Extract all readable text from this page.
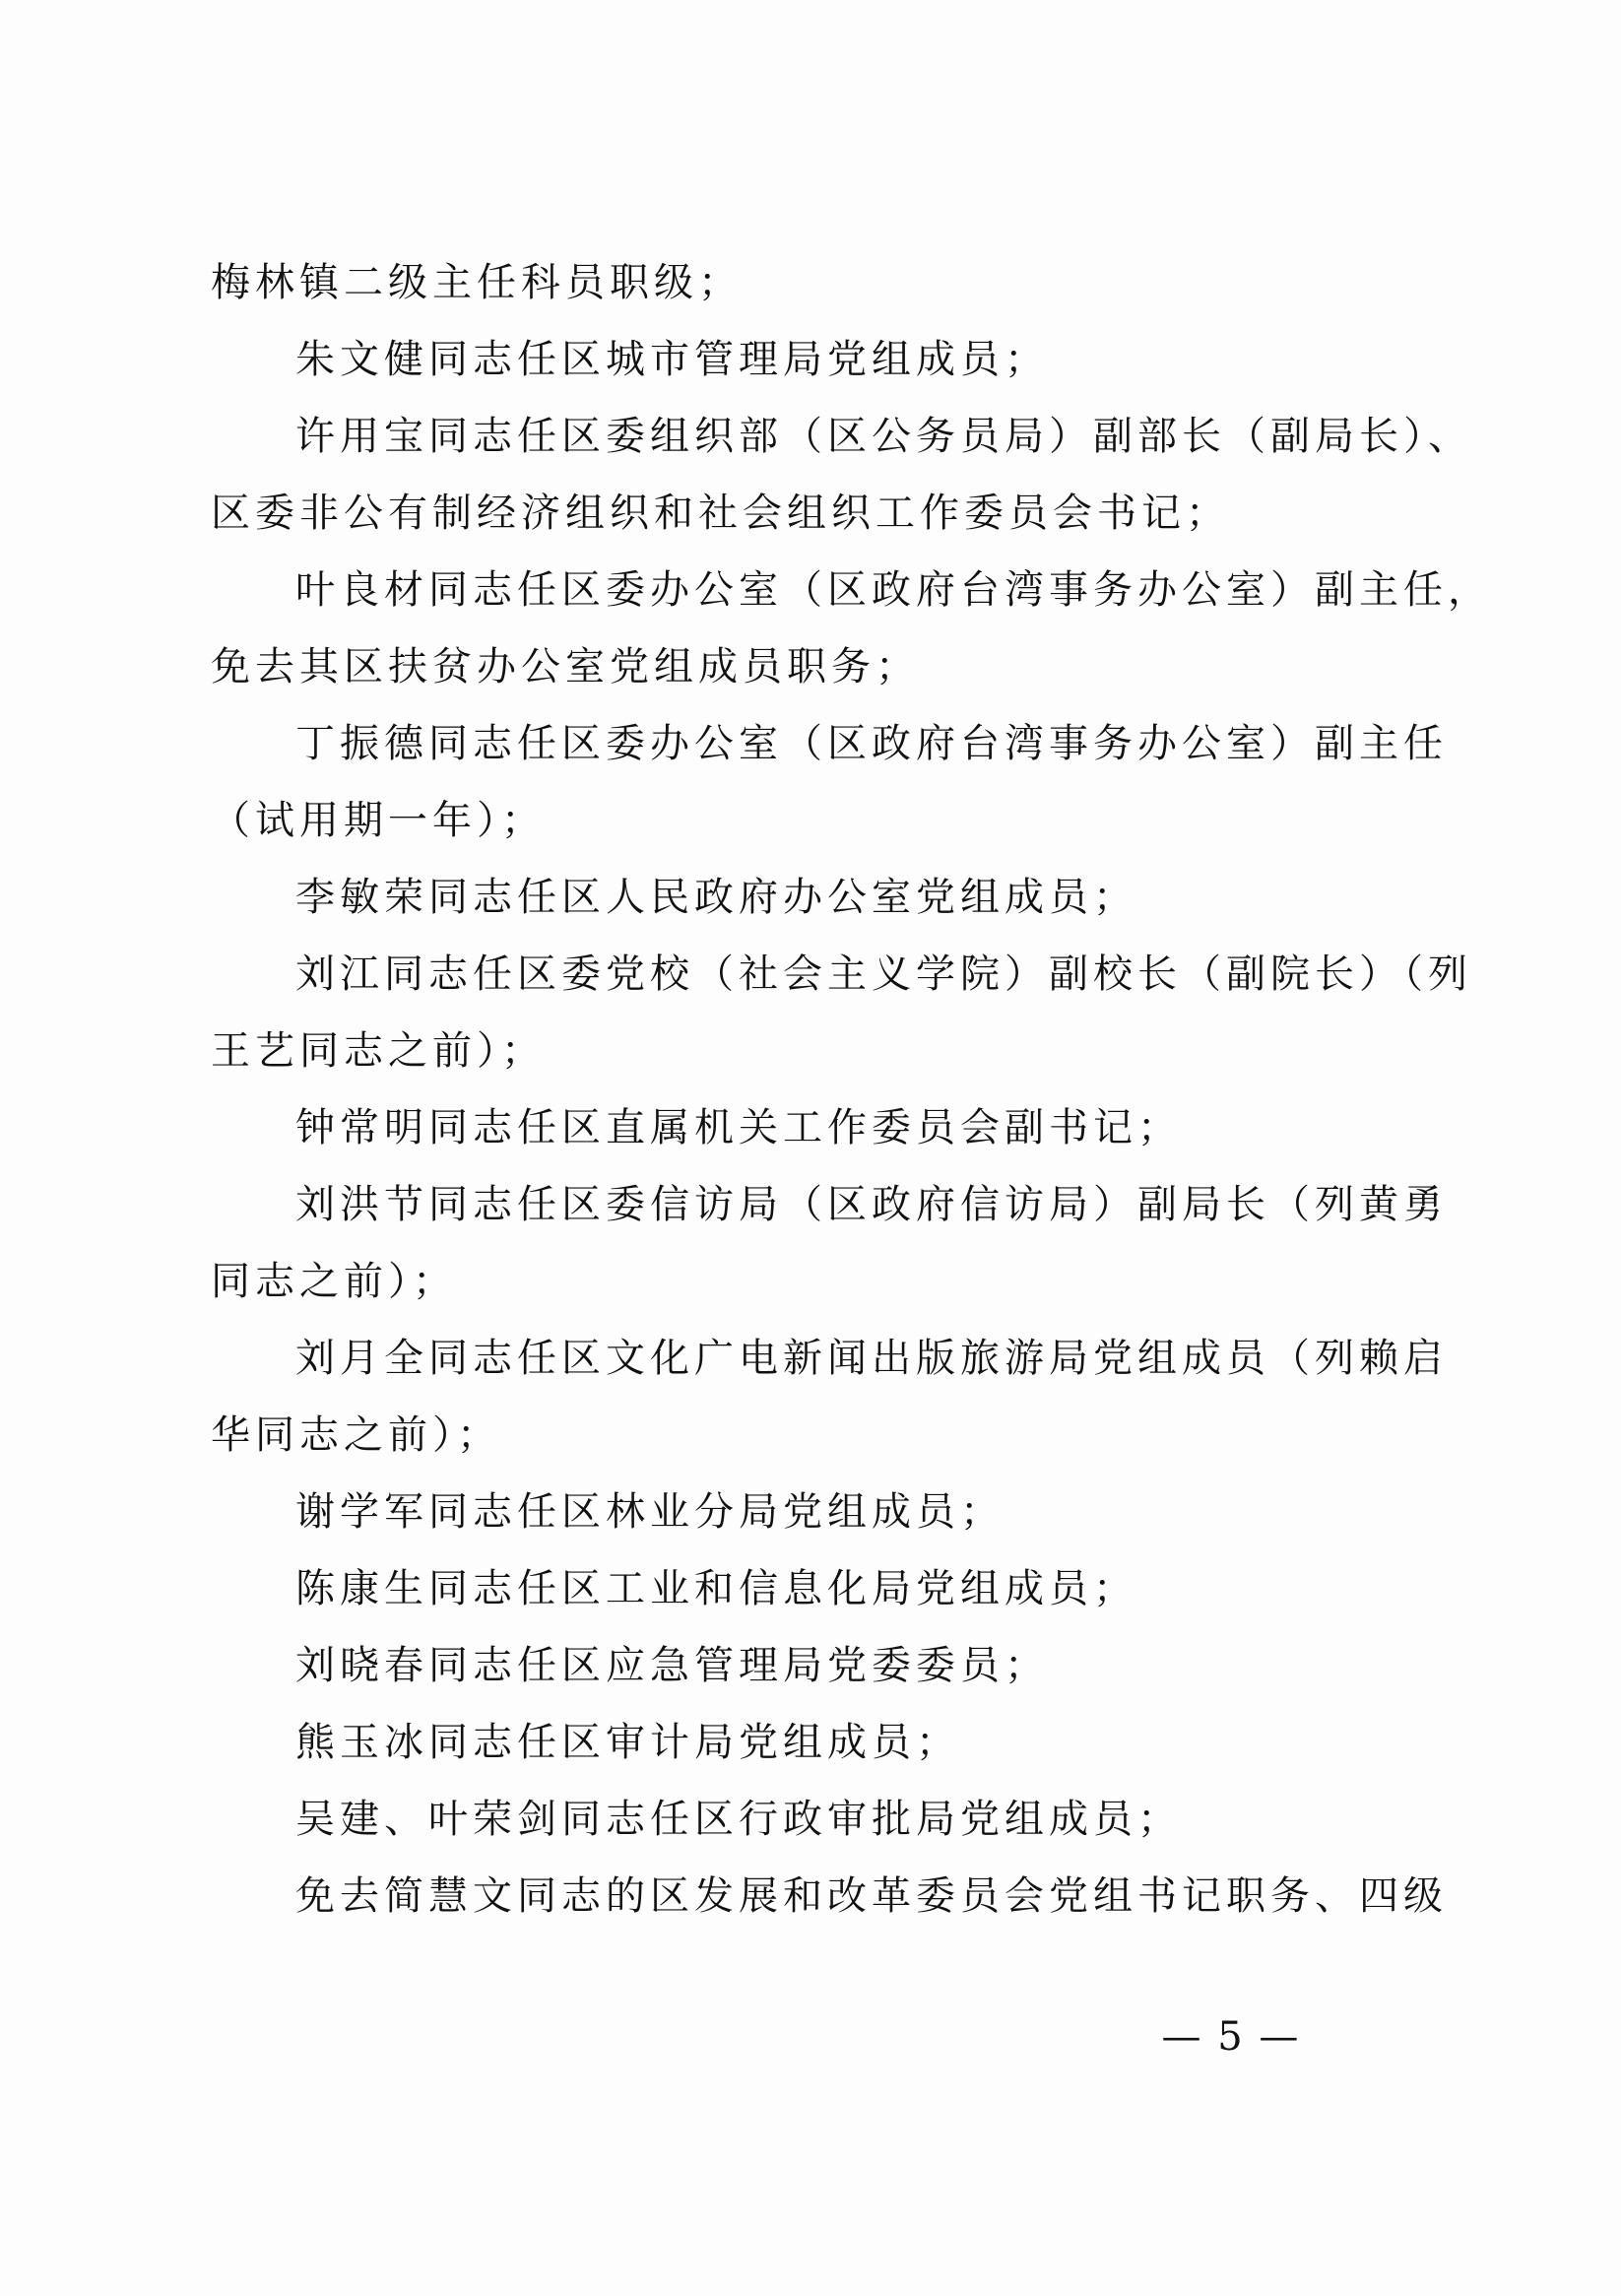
梅林镇二级主任科员职级；
朱文健同志任区城市管理局党组成员；
许用宝同志任区委组织部（区公务员局）副部长（副局长）、
区委非公有制经济组织和社会组织工作委员会书记；
叶良材同志任区委办公室（区政府台湾事务办公室）副主任，
免去其区扶贫办公室党组成员职务；
丁振德同志任区委办公室（区政府台湾事务办公室）副主任
（试用期一年）；
李敏荣同志任区人民政府办公室党组成员；
刘江同志任区委党校（社会主义学院）副校长（副院长）（列
王艺同志之前）；
钟常明同志任区直属机关工作委员会副书记；
刘洪节同志任区委信访局（区政府信访局）副局长（列黄勇
同志之前）；
刘月全同志任区文化广电新闻出版旅游局党组成员（列赖启
华同志之前）；
谢学军同志任区林业分局党组成员；
陈康生同志任区工业和信息化局党组成员；
刘晓春同志任区应急管理局党委委员；
熊玉冰同志任区审计局党组成员；
吴建、叶荣剑同志任区行政审批局党组成员；
免去简慧文同志的区发展和改革委员会党组书记职务、四级
— 5 —
